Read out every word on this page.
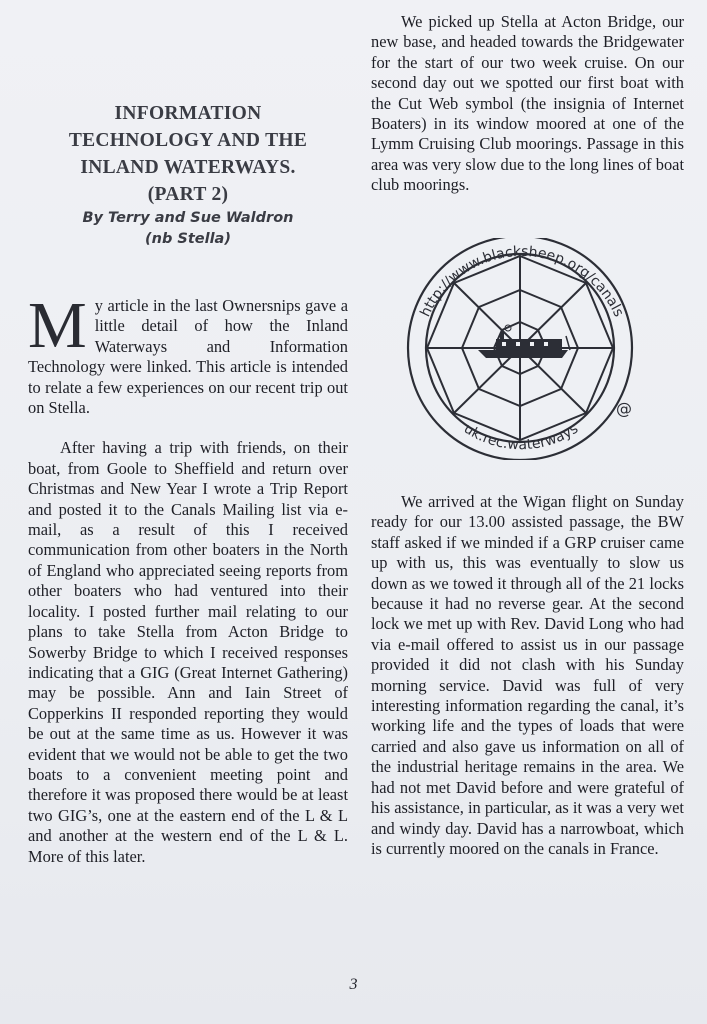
INFORMATION
TECHNOLOGY AND THE
INLAND WATERWAYS.
(PART 2)
By Terry and Sue Waldron
(nb Stella)

My article in the last Ownersnips gave a little detail of how the Inland Waterways and Information Technology were linked. This article is intended to relate a few experiences on our recent trip out on Stella.

After having a trip with friends, on their boat, from Goole to Sheffield and return over Christmas and New Year I wrote a Trip Report and posted it to the Canals Mailing list via e-mail, as a result of this I received communication from other boaters in the North of England who appreciated seeing reports from other boaters who had ventured into their locality. I posted further mail relating to our plans to take Stella from Acton Bridge to Sowerby Bridge to which I received responses indicating that a GIG (Great Internet Gathering) may be possible. Ann and Iain Street of Copperkins II responded reporting they would be out at the same time as us. However it was evident that we would not be able to get the two boats to a convenient meeting point and therefore it was proposed there would be at least two GIG’s, one at the eastern end of the L & L and another at the western end of the L & L. More of this later.

We picked up Stella at Acton Bridge, our new base, and headed towards the Bridgewater for the start of our two week cruise. On our second day out we spotted our first boat with the Cut Web symbol (the insignia of Internet Boaters) in its window moored at one of the Lymm Cruising Club moorings. Passage in this area was very slow due to the long lines of boat club moorings.

http://www.blacksheep.org/canals
uk.rec.waterways
@

We arrived at the Wigan flight on Sunday ready for our 13.00 assisted passage, the BW staff asked if we minded if a GRP cruiser came up with us, this was eventually to slow us down as we towed it through all of the 21 locks because it had no reverse gear. At the second lock we met up with Rev. David Long who had via e-mail offered to assist us in our passage provided it did not clash with his Sunday morning service. David was full of very interesting information regarding the canal, it’s working life and the types of loads that were carried and also gave us information on all of the industrial heritage remains in the area. We had not met David before and were grateful of his assistance, in particular, as it was a very wet and windy day. David has a narrowboat, which is currently moored on the canals in France.

3
